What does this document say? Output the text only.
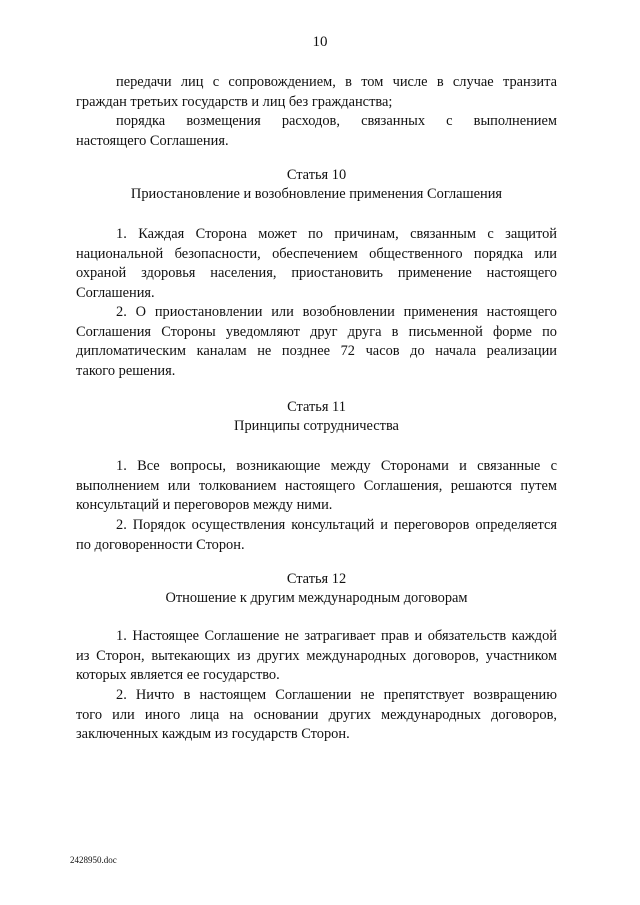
10
передачи лиц с сопровождением, в том числе в случае транзита
граждан третьих государств и лиц без гражданства;
порядка возмещения расходов, связанных с выполнением
настоящего Соглашения.
Статья 10
Приостановление и возобновление применения Соглашения
1. Каждая Сторона может по причинам, связанным с защитой
национальной безопасности, обеспечением общественного порядка или
охраной здоровья населения, приостановить применение настоящего
Соглашения.
2. О приостановлении или возобновлении применения настоящего
Соглашения Стороны уведомляют друг друга в письменной форме по
дипломатическим каналам не позднее 72 часов до начала реализации
такого решения.
Статья 11
Принципы сотрудничества
1. Все вопросы, возникающие между Сторонами и связанные с
выполнением или толкованием настоящего Соглашения, решаются путем
консультаций и переговоров между ними.
2. Порядок осуществления консультаций и переговоров определяется
по договоренности Сторон.
Статья 12
Отношение к другим международным договорам
1. Настоящее Соглашение не затрагивает прав и обязательств каждой
из Сторон, вытекающих из других международных договоров, участником
которых является ее государство.
2. Ничто в настоящем Соглашении не препятствует возвращению
того или иного лица на основании других международных договоров,
заключенных каждым из государств Сторон.
2428950.doc
